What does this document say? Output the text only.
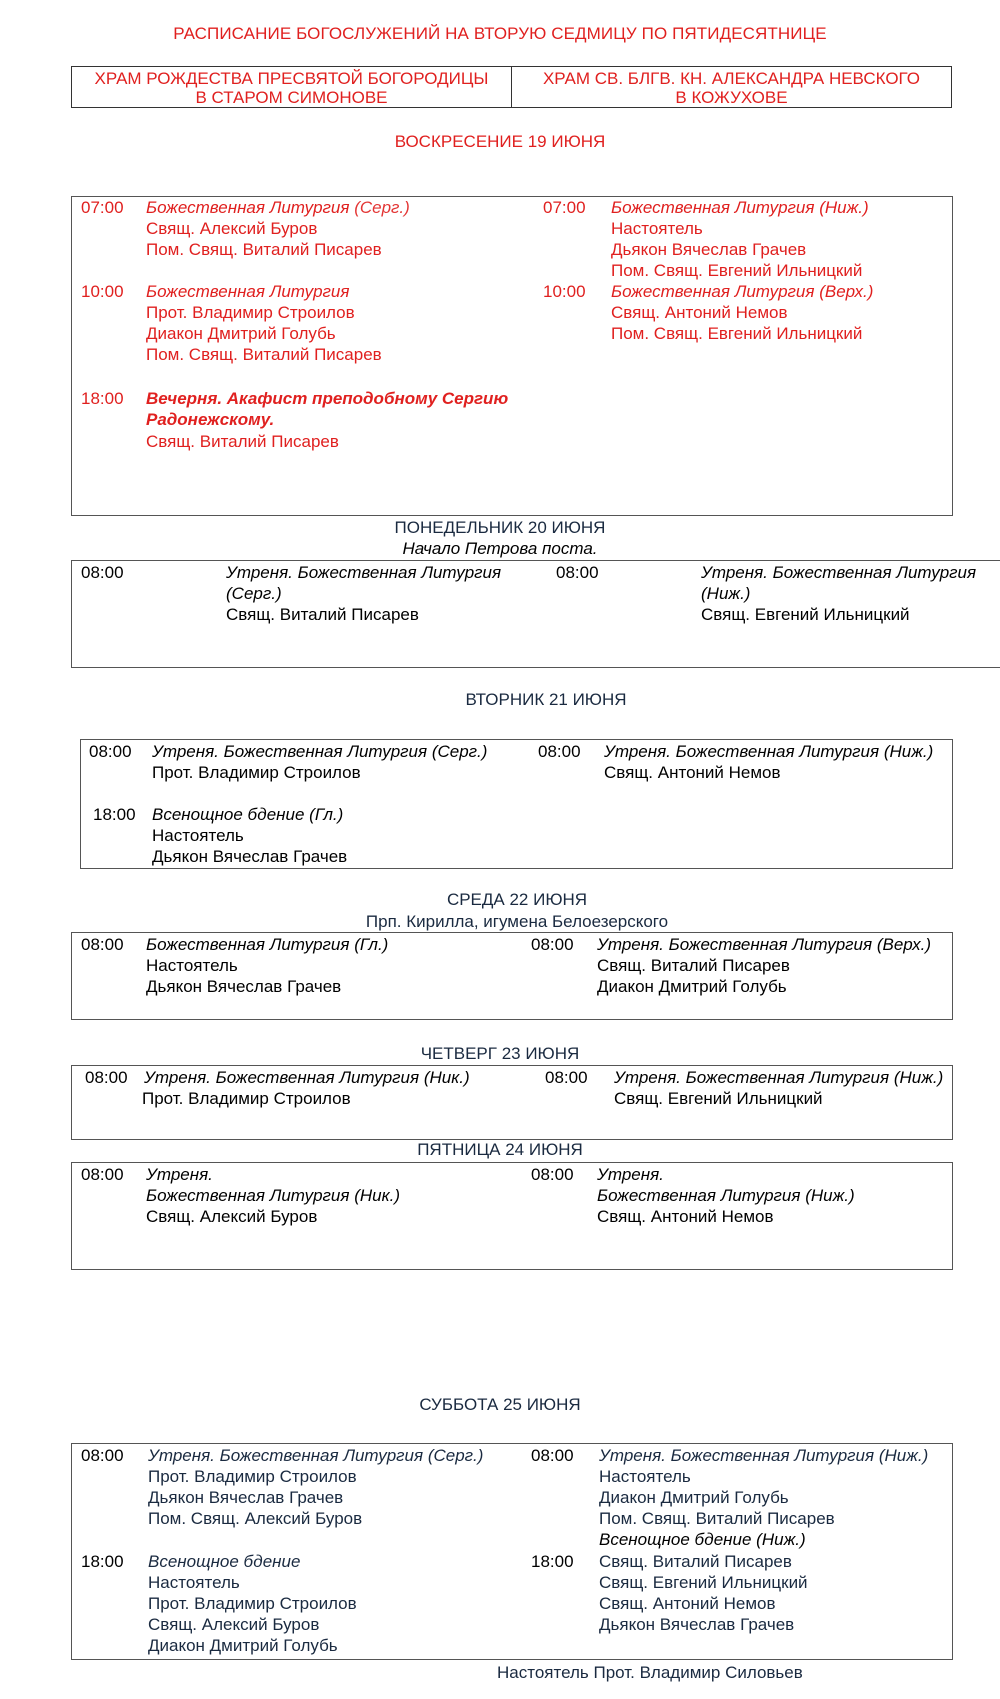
РАСПИСАНИЕ БОГОСЛУЖЕНИЙ НА ВТОРУЮ СЕДМИЦУ ПО ПЯТИДЕСЯТНИЦЕ
ХРАМ РОЖДЕСТВА ПРЕСВЯТОЙ БОГОРОДИЦЫ
В СТАРОМ СИМОНОВЕ
ХРАМ СВ. БЛГВ. КН. АЛЕКСАНДРА НЕВСКОГО
В КОЖУХОВЕ
ВОСКРЕСЕНИЕ 19 ИЮНЯ
07:00 Божественная Литургия (Серг.)
Свящ. Алексий Буров
Пом. Свящ. Виталий Писарев
10:00 Божественная Литургия
Прот. Владимир Строилов
Диакон Дмитрий Голубь
Пом. Свящ. Виталий Писарев
18:00 Вечерня. Акафист преподобному Сергию
Радонежскому.
Свящ. Виталий Писарев
07:00 Божественная Литургия (Ниж.)
Настоятель
Дьякон Вячеслав Грачев
Пом. Свящ. Евгений Ильницкий
10:00 Божественная Литургия (Верх.)
Свящ. Антоний Немов
Пом. Свящ. Евгений Ильницкий
ПОНЕДЕЛЬНИК 20 ИЮНЯ
Начало Петрова поста.
08:00	Утреня. Божественная Литургия
(Серг.)
Свящ. Виталий Писарев
08:00	Утреня. Божественная Литургия
(Ниж.)
Свящ. Евгений Ильницкий
ВТОРНИК 21 ИЮНЯ
08:00 Утреня. Божественная Литургия (Серг.)
Прот. Владимир Строилов
18:00 Всенощное бдение (Гл.)
Настоятель
Дьякон Вячеслав Грачев
08:00 Утреня. Божественная Литургия (Ниж.)
Свящ. Антоний Немов
СРЕДА 22 ИЮНЯ
Прп. Кирилла, игумена Белоезерского
08:00 Божественная Литургия (Гл.)
Настоятель
Дьякон Вячеслав Грачев
08:00 Утреня. Божественная Литургия (Верх.)
Свящ. Виталий Писарев
Диакон Дмитрий Голубь
ЧЕТВЕРГ 23 ИЮНЯ
08:00 Утреня. Божественная Литургия (Ник.)
Прот. Владимир Строилов
08:00 Утреня. Божественная Литургия (Ниж.)
Свящ. Евгений Ильницкий
ПЯТНИЦА 24 ИЮНЯ
08:00 Утреня.
Божественная Литургия (Ник.)
Свящ. Алексий Буров
08:00 Утреня.
Божественная Литургия (Ниж.)
Свящ. Антоний Немов
СУББОТА 25 ИЮНЯ
08:00 Утреня. Божественная Литургия (Серг.)
Прот. Владимир Строилов
Дьякон Вячеслав Грачев
Пом. Свящ. Алексий Буров
18:00 Всенощное бдение
Настоятель
Прот. Владимир Строилов
Свящ. Алексий Буров
Диакон Дмитрий Голубь
08:00 Утреня. Божественная Литургия (Ниж.)
Настоятель
Диакон Дмитрий Голубь
Пом. Свящ. Виталий Писарев
Всенощное бдение (Ниж.)
18:00 Свящ. Виталий Писарев
Свящ. Евгений Ильницкий
Свящ. Антоний Немов
Дьякон Вячеслав Грачев
Настоятель Прот. Владимир Силовьев
